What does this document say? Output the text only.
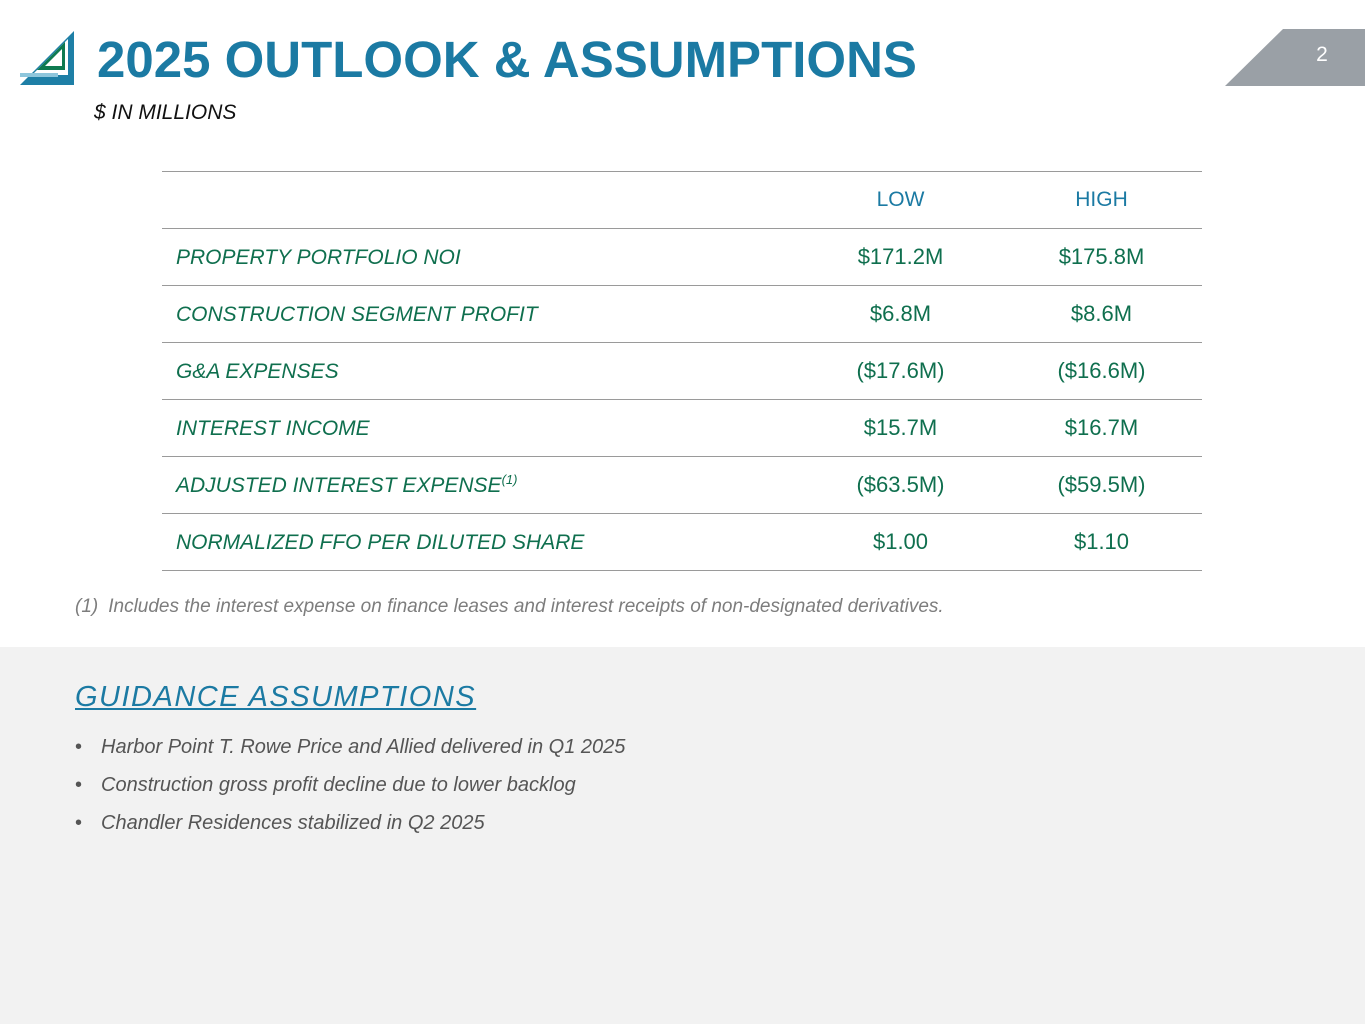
2025 OUTLOOK & ASSUMPTIONS
$ IN MILLIONS
2
LOW	HIGH
PROPERTY PORTFOLIO NOI	$171.2M	$175.8M
CONSTRUCTION SEGMENT PROFIT	$6.8M	$8.6M
G&A EXPENSES	($17.6M)	($16.6M)
INTEREST INCOME	$15.7M	$16.7M
ADJUSTED INTEREST EXPENSE$^{(1)}$	($63.5M)	($59.5M)
NORMALIZED FFO PER DILUTED SHARE	$1.00	$1.10
(1) Includes the interest expense on finance leases and interest receipts of non-designated derivatives.
GUIDANCE ASSUMPTIONS
• Harbor Point T. Rowe Price and Allied delivered in Q1 2025
• Construction gross profit decline due to lower backlog
• Chandler Residences stabilized in Q2 2025
